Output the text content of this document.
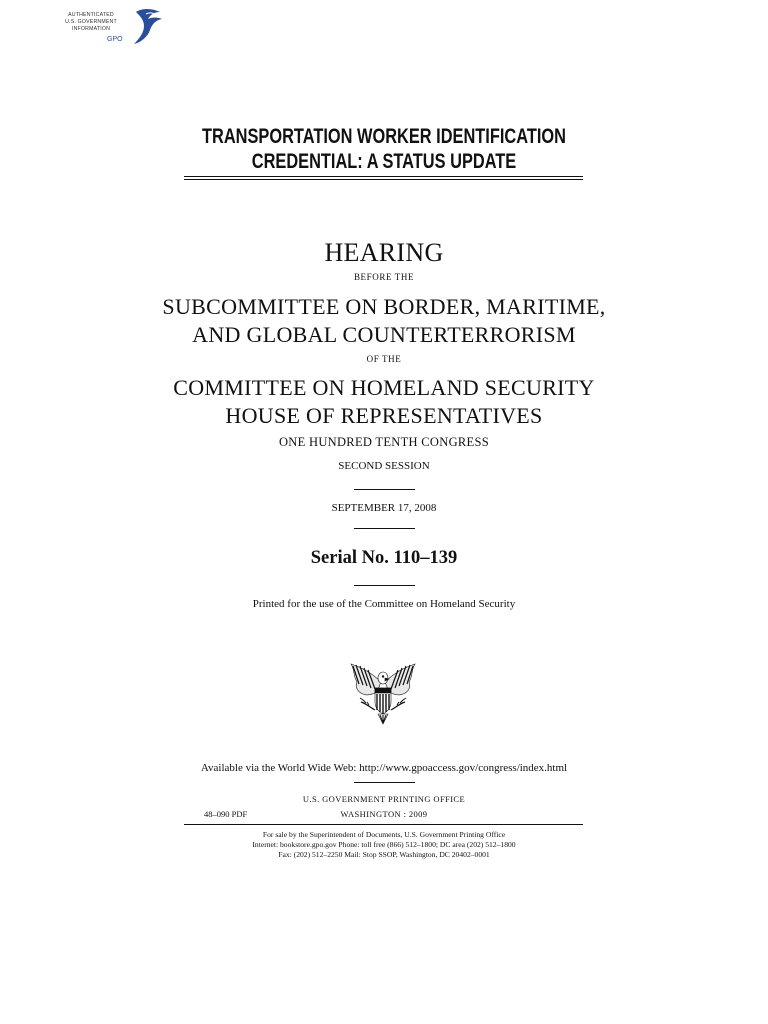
AUTHENTICATED
U.S. GOVERNMENT
INFORMATION
GPO
TRANSPORTATION WORKER IDENTIFICATION
CREDENTIAL: A STATUS UPDATE
HEARING
BEFORE THE
SUBCOMMITTEE ON BORDER, MARITIME,
AND GLOBAL COUNTERTERRORISM
OF THE
COMMITTEE ON HOMELAND SECURITY
HOUSE OF REPRESENTATIVES
ONE HUNDRED TENTH CONGRESS
SECOND SESSION
SEPTEMBER 17, 2008
Serial No. 110–139
Printed for the use of the Committee on Homeland Security
Available via the World Wide Web: http://www.gpoaccess.gov/congress/index.html
U.S. GOVERNMENT PRINTING OFFICE
48–090 PDF	WASHINGTON : 2009
For sale by the Superintendent of Documents, U.S. Government Printing Office
Internet: bookstore.gpo.gov Phone: toll free (866) 512–1800; DC area (202) 512–1800
Fax: (202) 512–2250 Mail: Stop SSOP, Washington, DC 20402–0001
